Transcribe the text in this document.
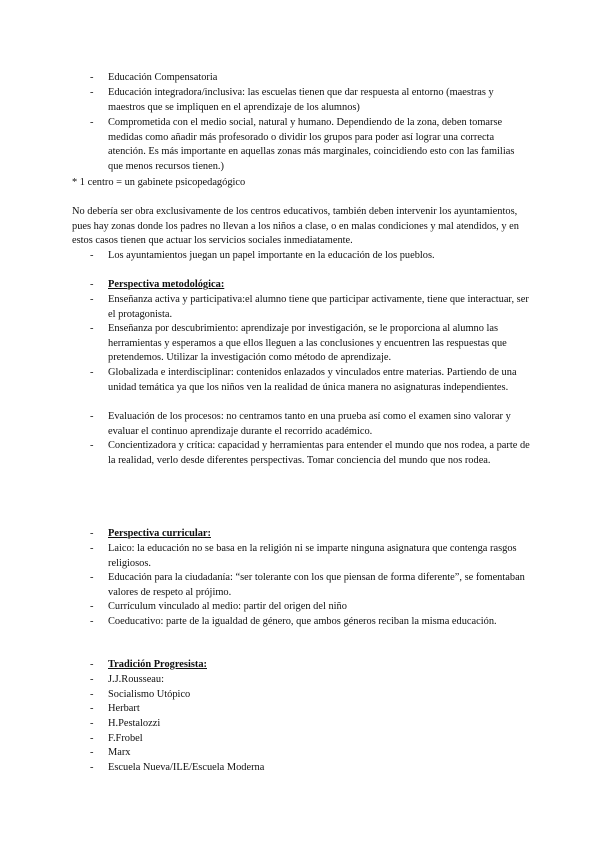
- Educación Compensatoria
- Educación integradora/inclusiva: las escuelas tienen que dar respuesta al entorno (maestras y maestros que se impliquen en el aprendizaje de los alumnos)
- Comprometida con el medio social, natural y humano. Dependiendo de la zona, deben tomarse medidas como añadir más profesorado o dividir los grupos para poder así lograr una correcta atención. Es más importante en aquellas zonas más marginales, coincidiendo esto con las familias que menos recursos tienen.)
* 1 centro = un gabinete psicopedagógico
No debería ser obra exclusivamente de los centros educativos, también deben intervenir los ayuntamientos, pues hay zonas donde los padres no llevan a los niños a clase, o en malas condiciones y mal atendidos, y en estos casos tienen que actuar los servicios sociales inmediatamente.
- Los ayuntamientos juegan un papel importante en la educación de los pueblos.
- Perspectiva metodológica:
- Enseñanza activa y participativa:el alumno tiene que participar activamente, tiene que interactuar, ser el protagonista.
- Enseñanza por descubrimiento: aprendizaje por investigación, se le proporciona al alumno las herramientas y esperamos a que ellos lleguen a las conclusiones y encuentren las respuestas que pretendemos. Utilizar la investigación como método de aprendizaje.
- Globalizada e interdisciplinar: contenidos enlazados y vinculados entre materias. Partiendo de una unidad temática ya que los niños ven la realidad de única manera no asignaturas independientes.
- Evaluación de los procesos: no centramos tanto en una prueba así como el examen sino valorar y evaluar el continuo aprendizaje durante el recorrido académico.
- Concientizadora y crítica: capacidad y herramientas para entender el mundo que nos rodea, a parte de la realidad, verlo desde diferentes perspectivas. Tomar conciencia del mundo que nos rodea.
- Perspectiva curricular:
- Laico: la educación no se basa en la religión ni se imparte ninguna asignatura que contenga rasgos religiosos.
- Educación para la ciudadanía: “ser tolerante con los que piensan de forma diferente”, se fomentaban valores de respeto al prójimo.
- Currículum vinculado al medio: partir del origen del niño
- Coeducativo: parte de la igualdad de género, que ambos géneros reciban la misma educación.
- Tradición Progresista:
- J.J.Rousseau:
- Socialismo Utópico
- Herbart
- H.Pestalozzi
- F.Frobel
- Marx
- Escuela Nueva/ILE/Escuela Moderna
